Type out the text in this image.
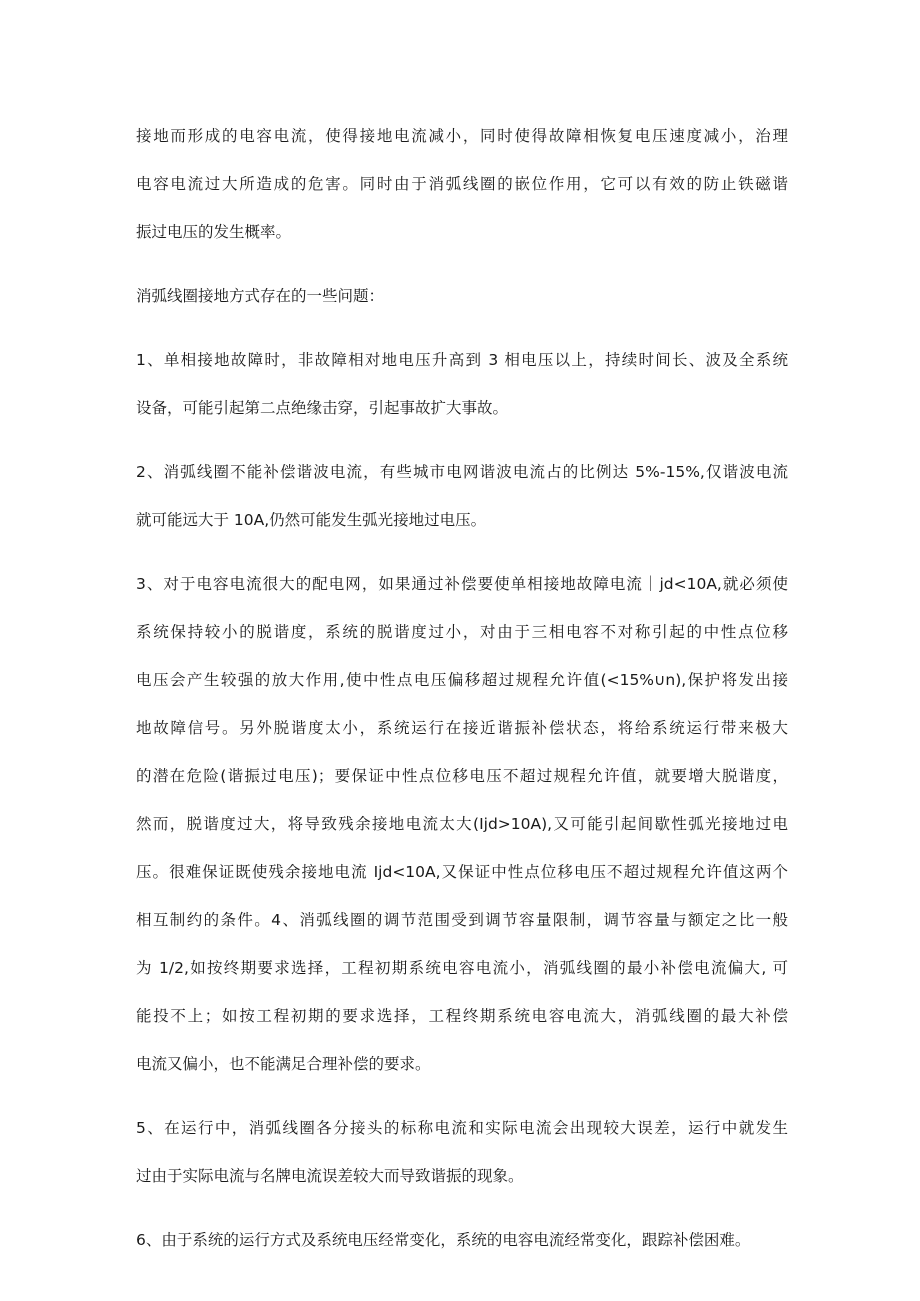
接地而形成的电容电流，使得接地电流减小，同时使得故障相恢复电压速度减小，治理
电容电流过大所造成的危害。同时由于消弧线圈的嵌位作用，它可以有效的防止铁磁谐
振过电压的发生概率。
消弧线圈接地方式存在的一些问题：
1、单相接地故障时，非故障相对地电压升高到 3 相电压以上，持续时间长、波及全系统
设备，可能引起第二点绝缘击穿，引起事故扩大事故。
2、消弧线圈不能补偿谐波电流，有些城市电网谐波电流占的比例达 5%-15%,仅谐波电流
就可能远大于 10A,仍然可能发生弧光接地过电压。
3、对于电容电流很大的配电网，如果通过补偿要使单相接地故障电流｜jd<10A,就必须使
系统保持较小的脱谐度，系统的脱谐度过小，对由于三相电容不对称引起的中性点位移
电压会产生较强的放大作用,使中性点电压偏移超过规程允许值(<15%∪n),保护将发出接
地故障信号。另外脱谐度太小，系统运行在接近谐振补偿状态，将给系统运行带来极大
的潜在危险(谐振过电压)；要保证中性点位移电压不超过规程允许值，就要增大脱谐度，
然而，脱谐度过大，将导致残余接地电流太大(Ijd>10A),又可能引起间歇性弧光接地过电
压。很难保证既使残余接地电流 Ijd<10A,又保证中性点位移电压不超过规程允许值这两个
相互制约的条件。4、消弧线圈的调节范围受到调节容量限制，调节容量与额定之比一般
为 1/2,如按终期要求选择，工程初期系统电容电流小，消弧线圈的最小补偿电流偏大, 可
能投不上；如按工程初期的要求选择，工程终期系统电容电流大，消弧线圈的最大补偿
电流又偏小，也不能满足合理补偿的要求。
5、在运行中，消弧线圈各分接头的标称电流和实际电流会出现较大误差，运行中就发生
过由于实际电流与名牌电流误差较大而导致谐振的现象。
6、由于系统的运行方式及系统电压经常变化，系统的电容电流经常变化，跟踪补偿困难。
